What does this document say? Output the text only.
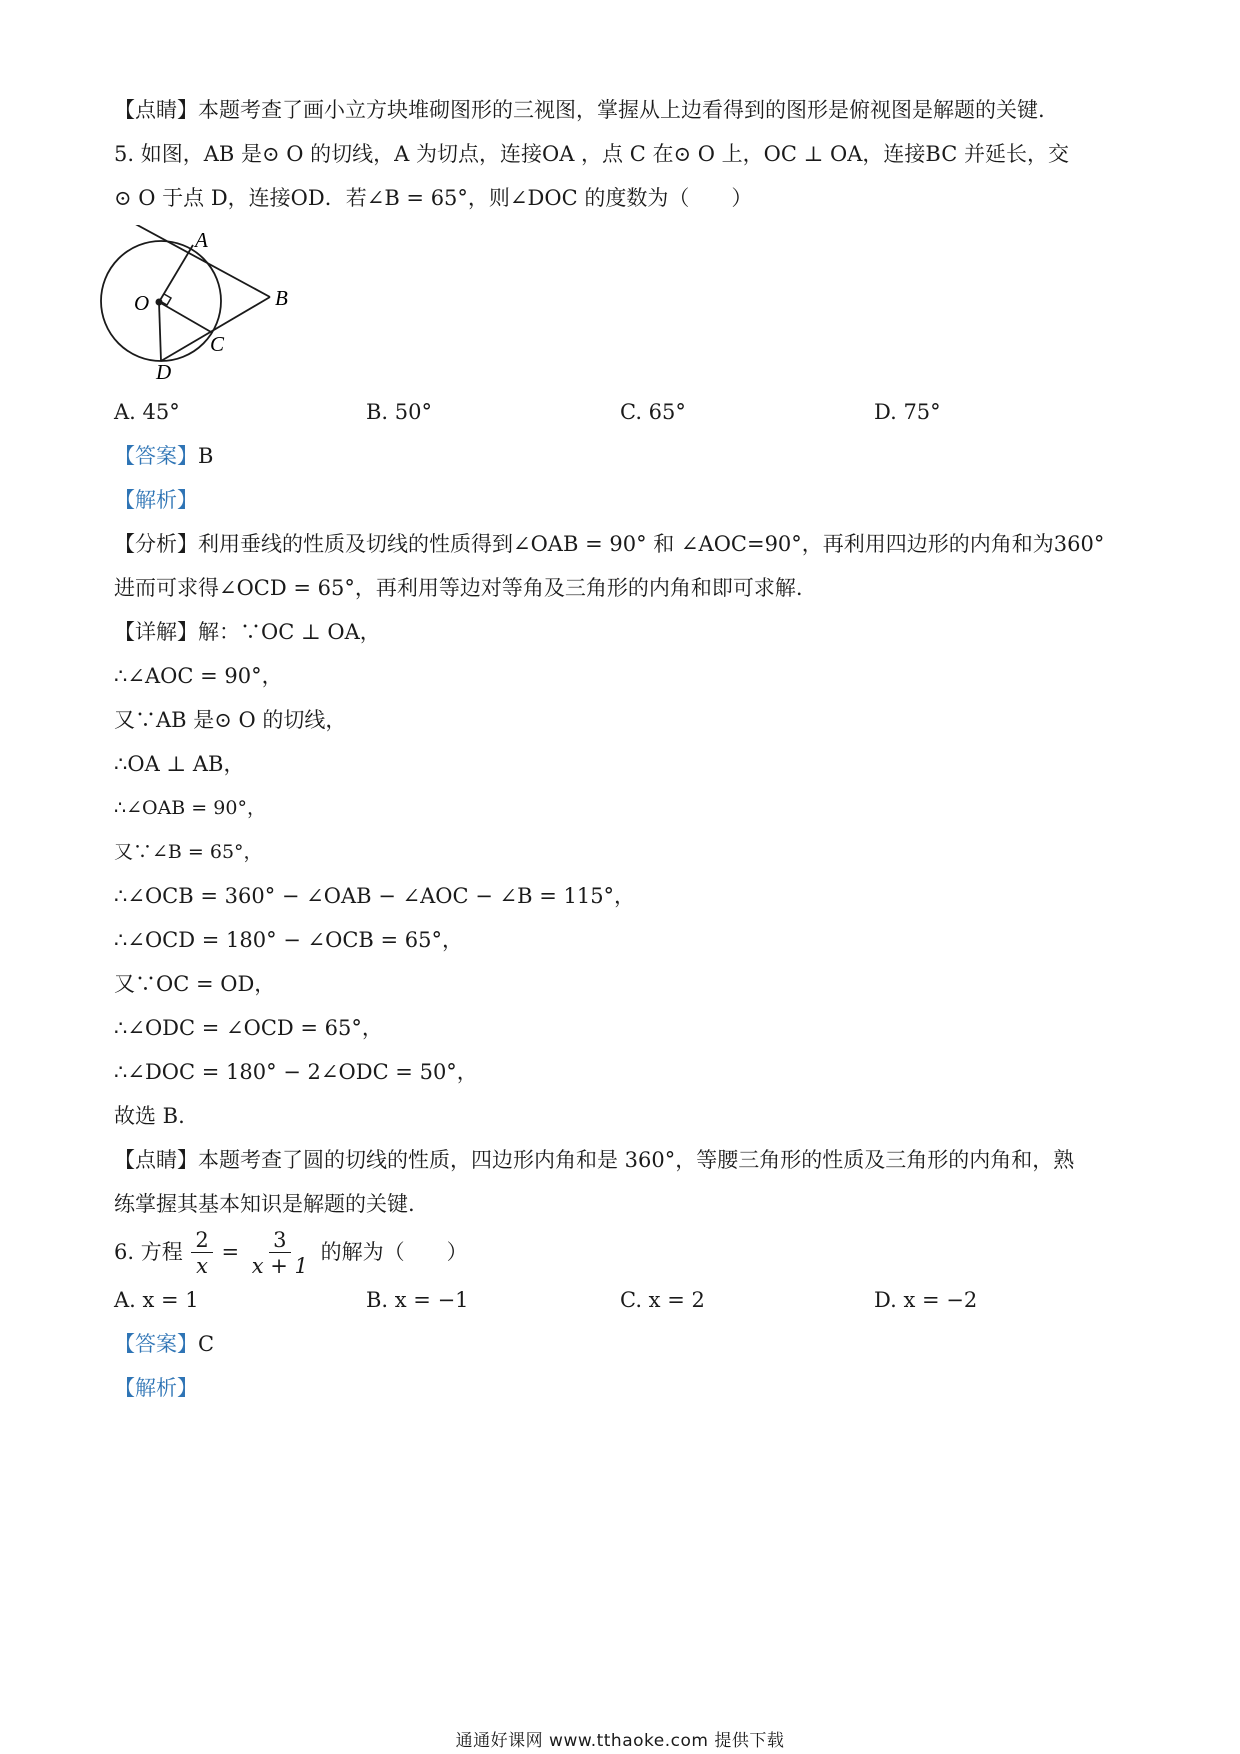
【点睛】本题考查了画小立方块堆砌图形的三视图，掌握从上边看得到的图形是俯视图是解题的关键.
5. 如图，AB 是⊙ O 的切线，A 为切点，连接OA ，点 C 在⊙ O 上，OC ⊥ OA，连接BC 并延长，交
⊙ O 于点 D，连接OD．若∠B = 65°，则∠DOC 的度数为（　　）
A
B
C
D
O
A. 45°	B. 50°	C. 65°	D. 75°
【答案】B
【解析】
【分析】利用垂线的性质及切线的性质得到∠OAB = 90° 和 ∠AOC=90°，再利用四边形的内角和为360°
进而可求得∠OCD = 65°，再利用等边对等角及三角形的内角和即可求解.
【详解】解：∵OC ⊥ OA，
∴∠AOC = 90°，
又∵AB 是⊙ O 的切线，
∴OA ⊥ AB，
∴∠OAB = 90°，
又∵∠B = 65°，
∴∠OCB = 360° − ∠OAB − ∠AOC − ∠B = 115°，
∴∠OCD = 180° − ∠OCB = 65°，
又∵OC = OD，
∴∠ODC = ∠OCD = 65°，
∴∠DOC = 180° − 2∠ODC = 50°，
故选 B.
【点睛】本题考查了圆的切线的性质，四边形内角和是 360°，等腰三角形的性质及三角形的内角和，熟
练掌握其基本知识是解题的关键.
6. 方程 $\frac{2}{x} = \frac{3}{x + 1}$ 的解为（　　）
A. x = 1	B. x = −1	C. x = 2	D. x = −2
【答案】C
【解析】
通通好课网 www.tthaoke.com 提供下载
